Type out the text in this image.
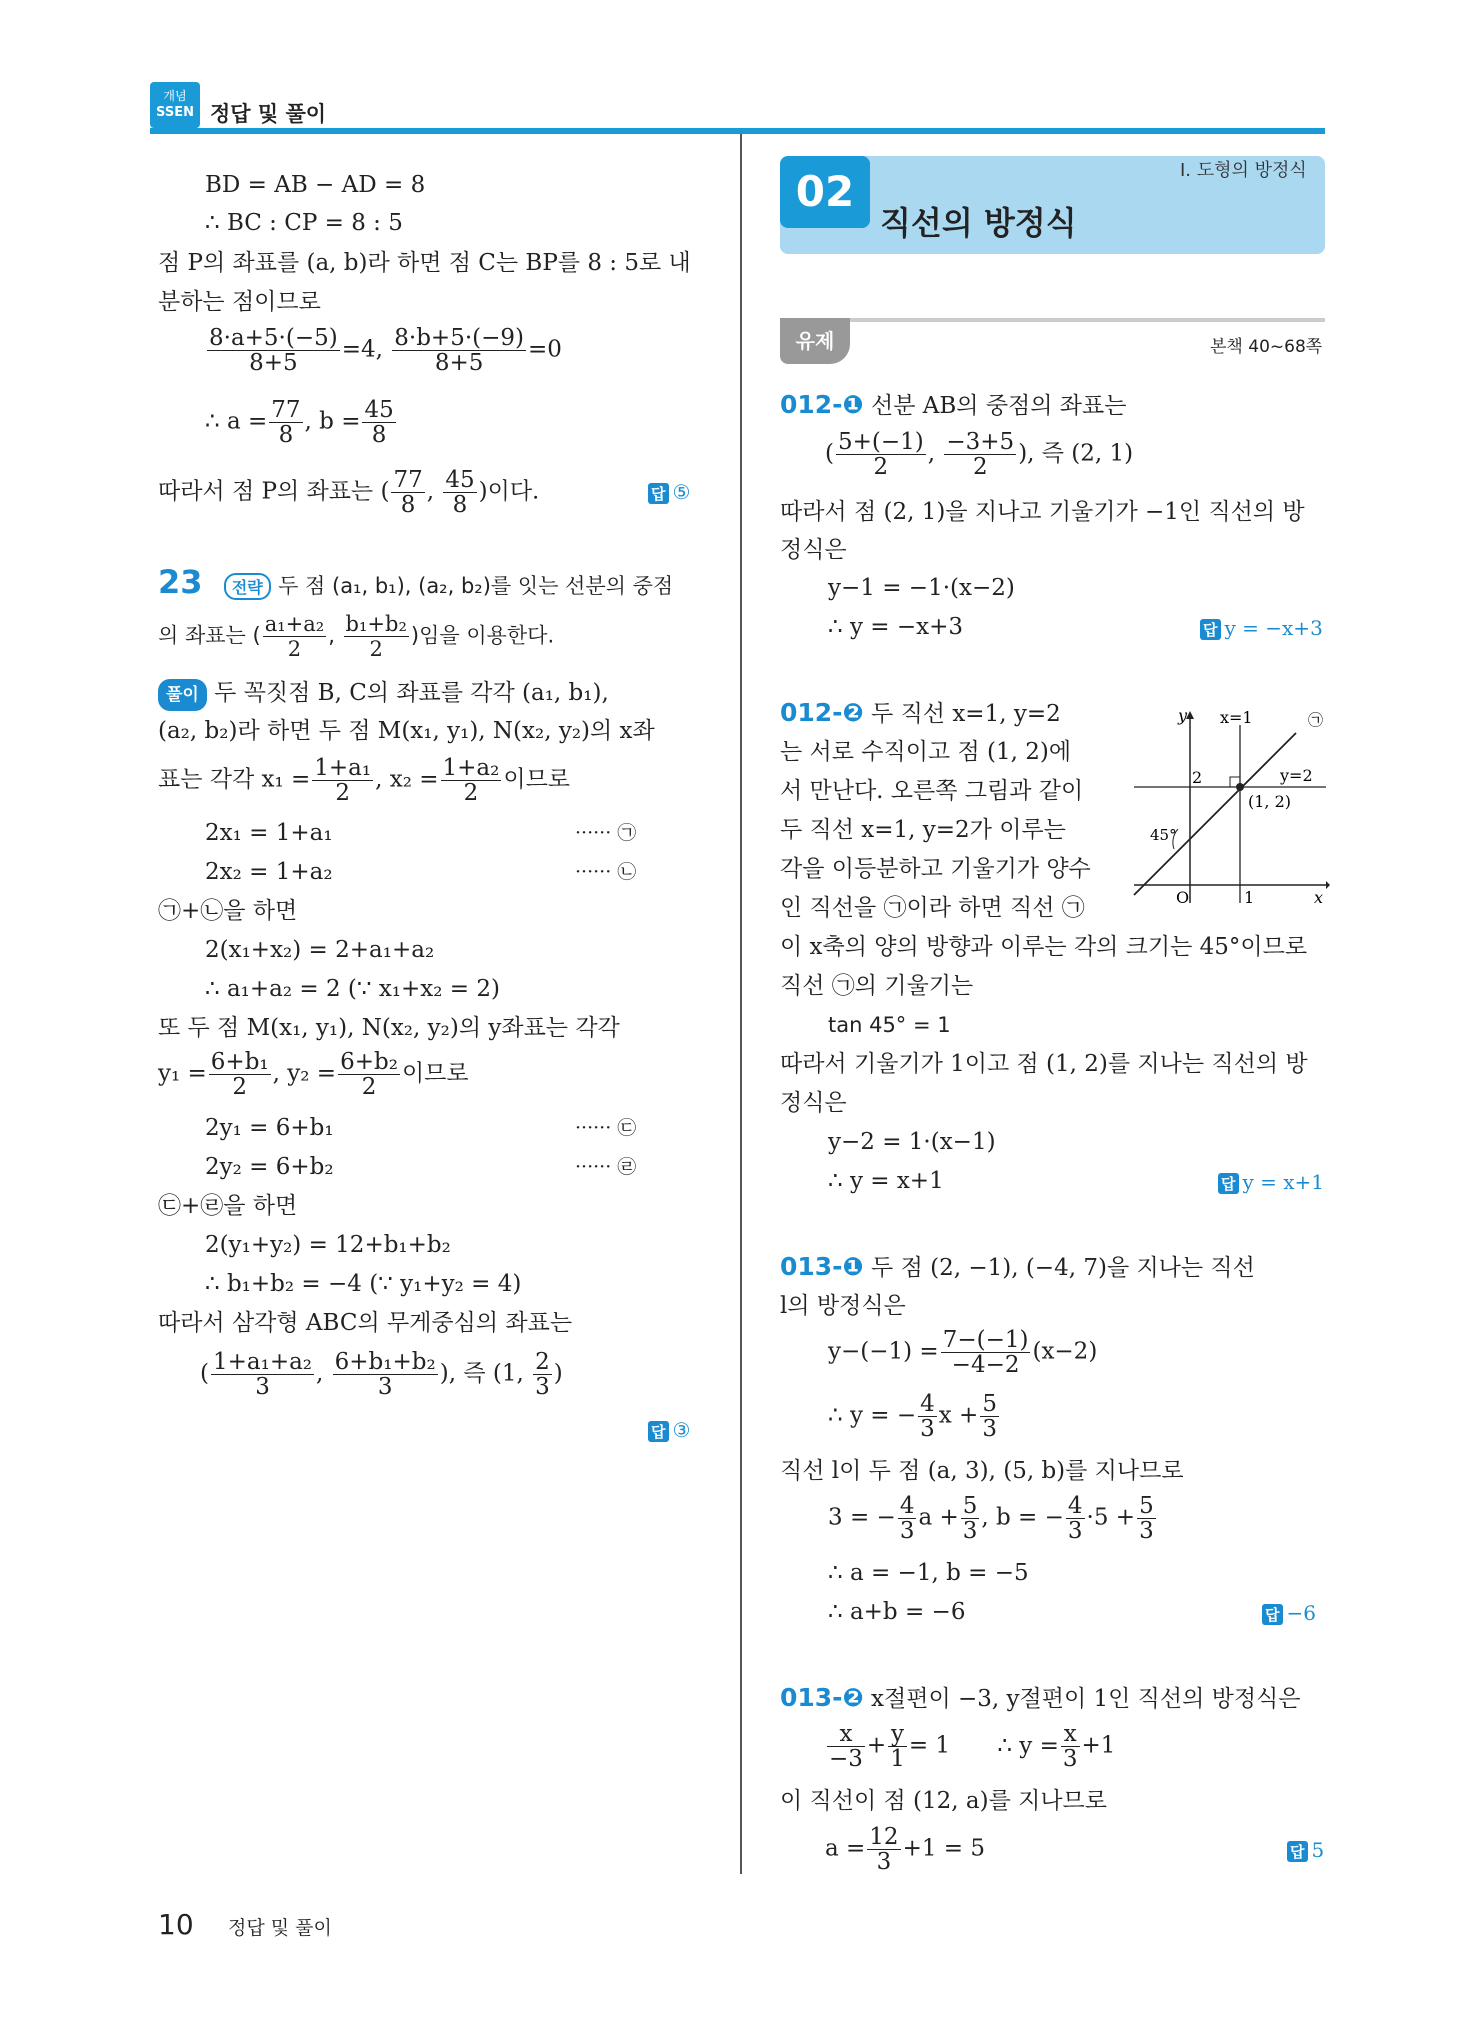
개념
SSEN 정답 및 풀이
BD = AB − AD = 8
∴ BC : CP = 8 : 5
점 P의 좌표를 (a, b)라 하면 점 C는 BP를 8 : 5로 내
분하는 점이므로
$\frac{8\cdot a+5\cdot(-5)}{8+5} =4$, $\frac{8\cdot b+5\cdot(-9)}{8+5} =0$
∴ $a = \frac{77}{8}$ , $b = \frac{45}{8}$
따라서 점 P의 좌표는 ( $\frac{77}{8}$ , $\frac{45}{8}$ )이다.	답 ⑤
23 전략 두 점 (a₁, b₁), (a₂, b₂)를 잇는 선분의 중점
의 좌표는 ( $\frac{\text{a₁+a₂}}{2}$ , $\frac{\text{b₁+b₂}}{2}$ )임을 이용한다.
풀이 두 꼭짓점 B, C의 좌표를 각각 (a₁, b₁),
(a₂, b₂)라 하면 두 점 M(x₁, y₁), N(x₂, y₂)의 x좌
표는 각각 $x_1 = \frac{\text{1+a₁}}{2}$ , $x_2 = \frac{\text{1+a₂}}{2}$ 이므로
2x₁ = 1+a₁	······ ㉠
2x₂ = 1+a₂	······ ㉡
㉠+㉡을 하면
2(x₁+x₂) = 2+a₁+a₂
∴ a₁+a₂ = 2 (∵ x₁+x₂ = 2)
또 두 점 M(x₁, y₁), N(x₂, y₂)의 y좌표는 각각
$y_1 = \frac{\text{6+b₁}}{2}$ , $y_2 = \frac{\text{6+b₂}}{2}$ 이므로
2y₁ = 6+b₁	······ ㉢
2y₂ = 6+b₂	······ ㉣
㉢+㉣을 하면
2(y₁+y₂) = 12+b₁+b₂
∴ b₁+b₂ = −4 (∵ y₁+y₂ = 4)
따라서 삼각형 ABC의 무게중심의 좌표는
( $\frac{\text{1+a₁+a₂}}{3}$ , $\frac{\text{6+b₁+b₂}}{3}$ ), 즉 (1, $\frac{2}{3}$ )
답 ③
02
직선의 방정식
I. 도형의 방정식
유제	본책 40~68쪽
012-❶ 선분 AB의 중점의 좌표는
( $\frac{5+(-1)}{2}$ , $\frac{-3+5}{2}$ ), 즉 (2, 1)
따라서 점 (2, 1)을 지나고 기울기가 −1인 직선의 방
정식은
y−1 = −1·(x−2)
∴ y = −x+3	답 y = −x+3
012-❷ 두 직선 x=1, y=2
는 서로 수직이고 점 (1, 2)에
서 만난다. 오른쪽 그림과 같이
두 직선 x=1, y=2가 이루는
각을 이등분하고 기울기가 양수
인 직선을 ㉠이라 하면 직선 ㉠
y x=1	㉠
y=2
(1, 2)
2
45°
O	1	x
이 x축의 양의 방향과 이루는 각의 크기는 45°이므로
직선 ㉠의 기울기는
tan 45° = 1
따라서 기울기가 1이고 점 (1, 2)를 지나는 직선의 방
정식은
y−2 = 1·(x−1)
∴ y = x+1	답 y = x+1
013-❶ 두 점 (2, −1), (−4, 7)을 지나는 직선
l의 방정식은
$y-(-1) = \frac{7-(-1)}{-4-2} (x-2)$
∴ y = − $\frac{4}{3}$ $x + \frac{5}{3}$
직선 l이 두 점 (a, 3), (5, b)를 지나므로
3 = − $\frac{4}{3}$ $a + \frac{5}{3}$ , b = − $\frac{4}{3} \cdot 5 + \frac{5}{3}$
∴ a = −1, b = −5
∴ a+b = −6	답 −6
013-❷ x절편이 −3, y절편이 1인 직선의 방정식은
$\frac{x}{-3} + \frac{y}{1} = 1$ ∴ $y = \frac{x}{3} +1$
이 직선이 점 (12, a)를 지나므로
$a = \frac{12}{3} +1 = 5$	답 5
10 정답 및 풀이
